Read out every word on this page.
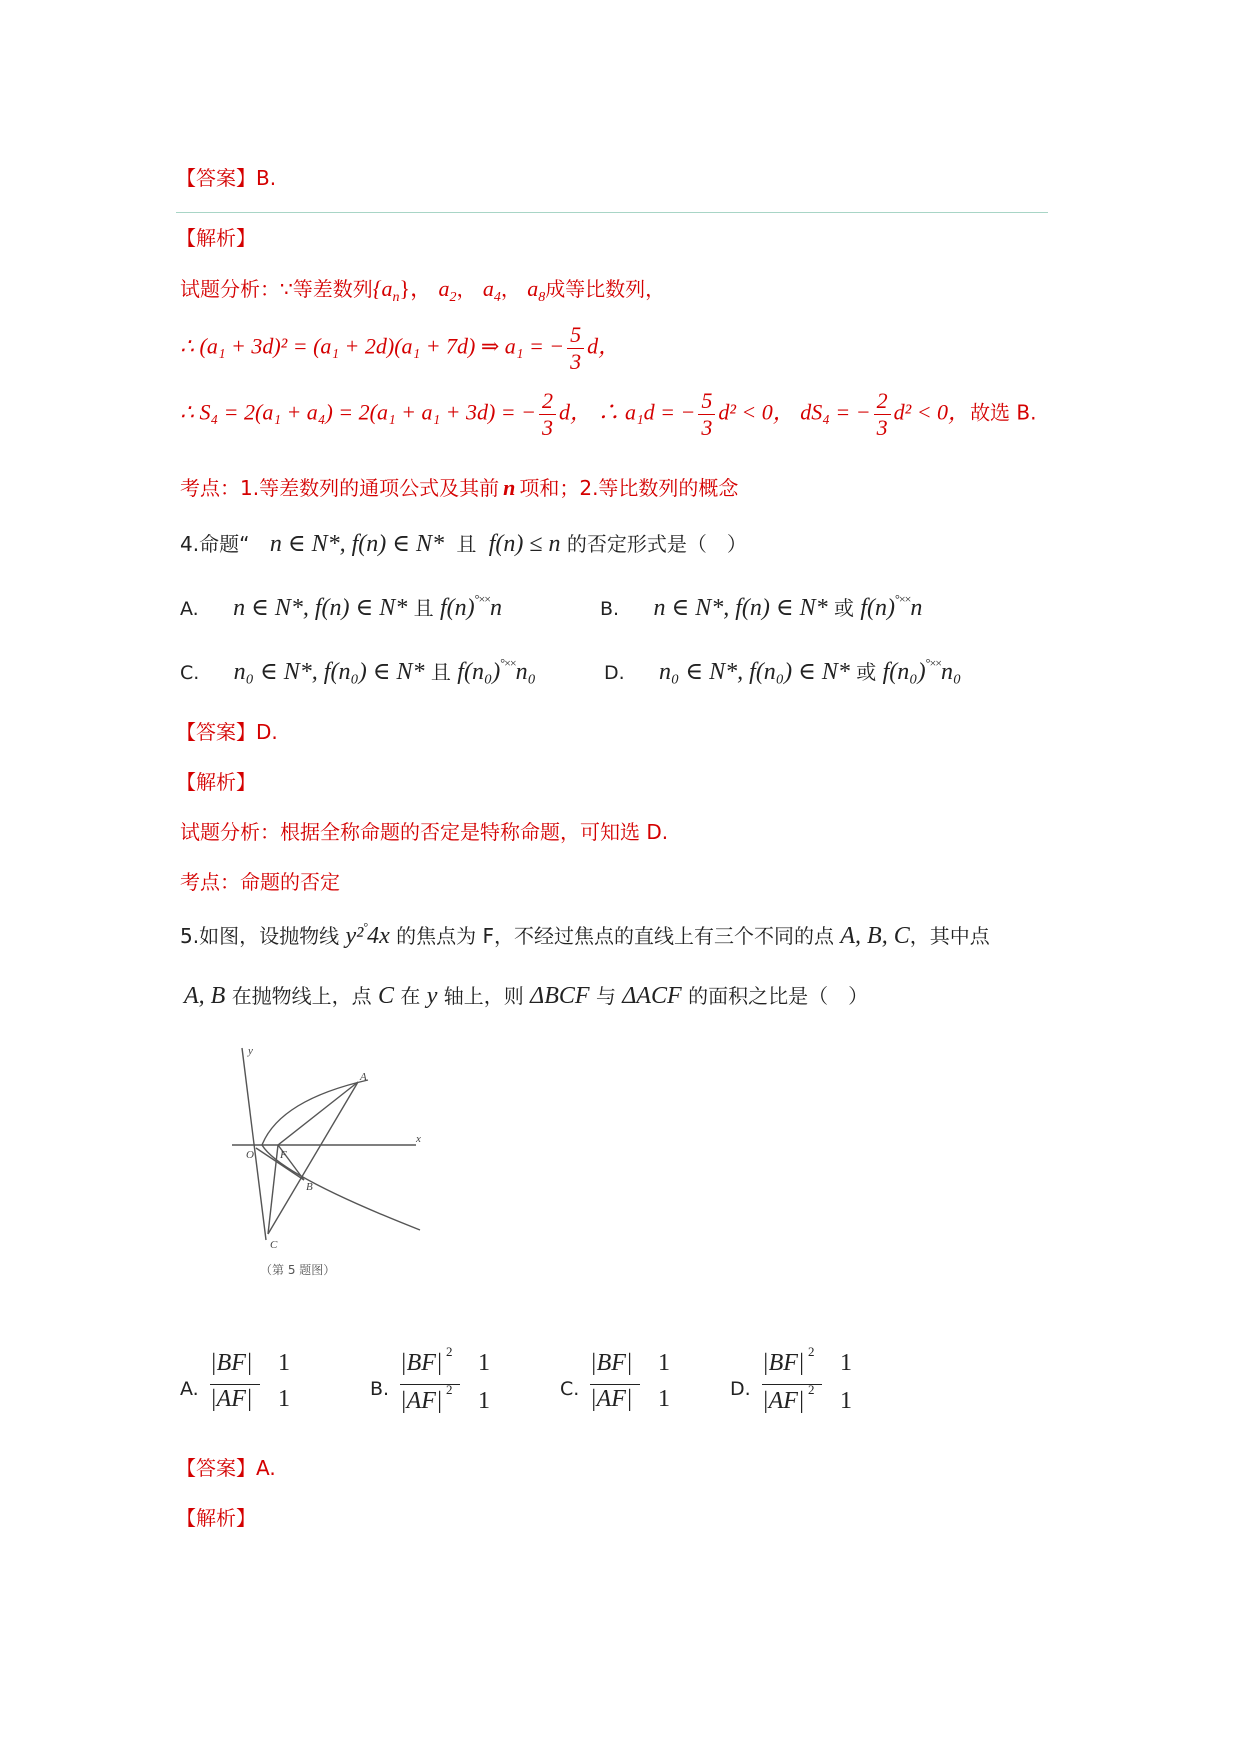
【答案】B.
【解析】
试题分析：∵等差数列$\{a_n\}$， $a_2$， $a_4$， $a_8$成等比数列，
∴ (a₁ + 3d)² = (a₁ + 2d)(a₁ + 7d) ⇒ a₁ = − $\frac{5}{3}$ d，
∴ S₄ = 2(a₁ + a₄) = 2(a₁ + a₁ + 3d) = − $\frac{2}{3}$ d， ∴ a₁d = − $\frac{5}{3} d^2 < 0$， dS₄ = − $\frac{2}{3} d^2 < 0$，故选 B.
考点：1.等差数列的通项公式及其前 n 项和；2.等比数列的概念
4.命题“ n ∈ N*, f(n) ∈ N* 且 f(n) ≤ n 的否定形式是（　）
A. n ∈ N*, f(n) ∈ N* 且 f(n)°××n	B. n ∈ N*, f(n) ∈ N* 或 f(n)°××n
C. n₀ ∈ N*, f(n₀) ∈ N* 且 f(n₀)°××n₀	D. n₀ ∈ N*, f(n₀) ∈ N* 或 f(n₀)°××n₀
【答案】D.
【解析】
试题分析：根据全称命题的否定是特称命题，可知选 D.
考点：命题的否定
5.如图，设抛物线 y²°4x 的焦点为 F，不经过焦点的直线上有三个不同的点 A, B, C，其中点
A, B 在抛物线上，点 C 在 y 轴上，则 ΔBCF 与 ΔACF 的面积之比是（　）
y
x
O F
A
B
C
（第 5 题图）
A.
|BF| 1
|AF| 1	B.
|BF| 2 1
|AF| 2 1	C.
|BF| 1
|AF| 1	D.
|BF| 2 1
|AF| 2 1
【答案】A.
【解析】
